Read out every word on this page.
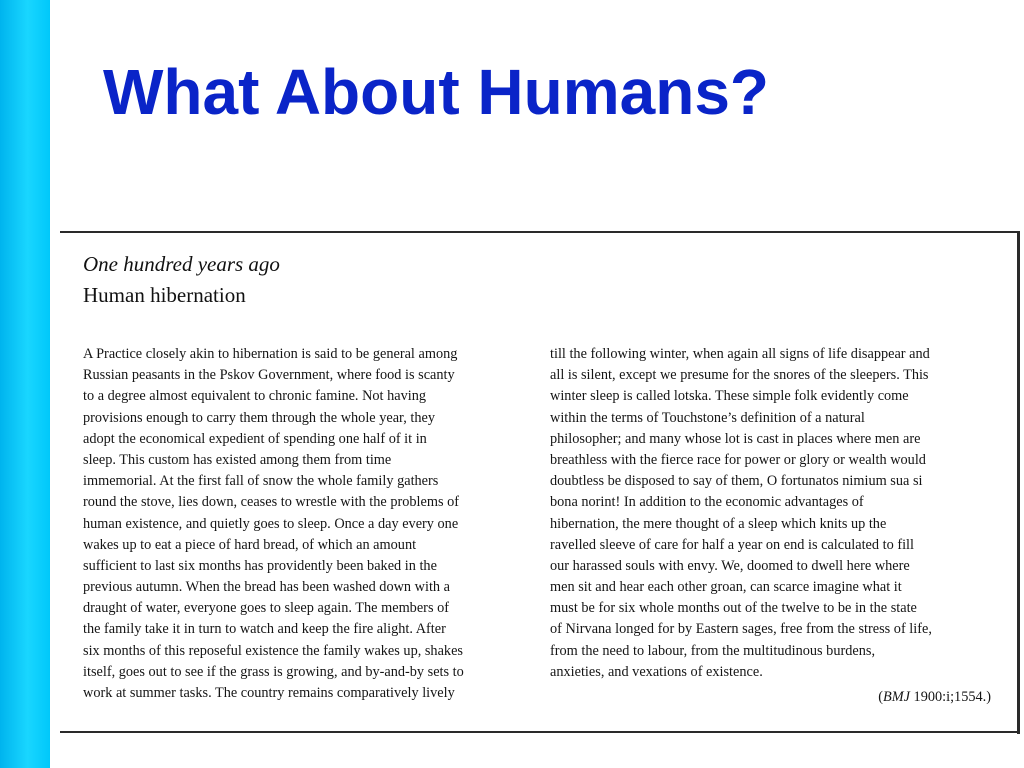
What About Humans?
One hundred years ago
Human hibernation
A Practice closely akin to hibernation is said to be general among
Russian peasants in the Pskov Government, where food is scanty
to a degree almost equivalent to chronic famine. Not having
provisions enough to carry them through the whole year, they
adopt the economical expedient of spending one half of it in
sleep. This custom has existed among them from time
immemorial. At the first fall of snow the whole family gathers
round the stove, lies down, ceases to wrestle with the problems of
human existence, and quietly goes to sleep. Once a day every one
wakes up to eat a piece of hard bread, of which an amount
sufficient to last six months has providently been baked in the
previous autumn. When the bread has been washed down with a
draught of water, everyone goes to sleep again. The members of
the family take it in turn to watch and keep the fire alight. After
six months of this reposeful existence the family wakes up, shakes
itself, goes out to see if the grass is growing, and by-and-by sets to
work at summer tasks. The country remains comparatively lively
till the following winter, when again all signs of life disappear and
all is silent, except we presume for the snores of the sleepers. This
winter sleep is called lotska. These simple folk evidently come
within the terms of Touchstone’s definition of a natural
philosopher; and many whose lot is cast in places where men are
breathless with the fierce race for power or glory or wealth would
doubtless be disposed to say of them, O fortunatos nimium sua si
bona norint! In addition to the economic advantages of
hibernation, the mere thought of a sleep which knits up the
ravelled sleeve of care for half a year on end is calculated to fill
our harassed souls with envy. We, doomed to dwell here where
men sit and hear each other groan, can scarce imagine what it
must be for six whole months out of the twelve to be in the state
of Nirvana longed for by Eastern sages, free from the stress of life,
from the need to labour, from the multitudinous burdens,
anxieties, and vexations of existence.
(BMJ 1900:i;1554.)
